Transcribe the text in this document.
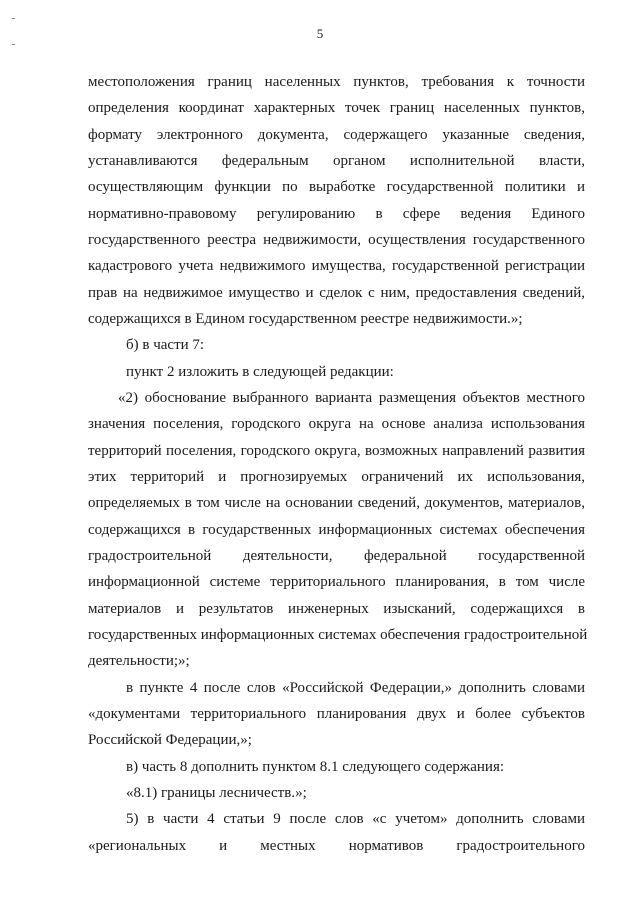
5
местоположения границ населенных пунктов, требования к точности
определения координат характерных точек границ населенных пунктов,
формату электронного документа, содержащего указанные сведения,
устанавливаются федеральным органом исполнительной власти,
осуществляющим функции по выработке государственной политики и
нормативно-правовому регулированию в сфере ведения Единого
государственного реестра недвижимости, осуществления государственного
кадастрового учета недвижимого имущества, государственной регистрации
прав на недвижимое имущество и сделок с ним, предоставления сведений,
содержащихся в Едином государственном реестре недвижимости.»;
б) в части 7:
пункт 2 изложить в следующей редакции:
«2) обоснование выбранного варианта размещения объектов местного
значения поселения, городского округа на основе анализа использования
территорий поселения, городского округа, возможных направлений развития
этих территорий и прогнозируемых ограничений их использования,
определяемых в том числе на основании сведений, документов, материалов,
содержащихся в государственных информационных системах обеспечения
градостроительной деятельности, федеральной государственной
информационной системе территориального планирования, в том числе
материалов и результатов инженерных изысканий, содержащихся в
государственных информационных системах обеспечения градостроительной
деятельности;»;
в пункте 4 после слов «Российской Федерации,» дополнить словами
«документами территориального планирования двух и более субъектов
Российской Федерации,»;
в) часть 8 дополнить пунктом 8.1 следующего содержания:
«8.1) границы лесничеств.»;
5) в части 4 статьи 9 после слов «с учетом» дополнить словами
«региональных и местных нормативов градостроительного
